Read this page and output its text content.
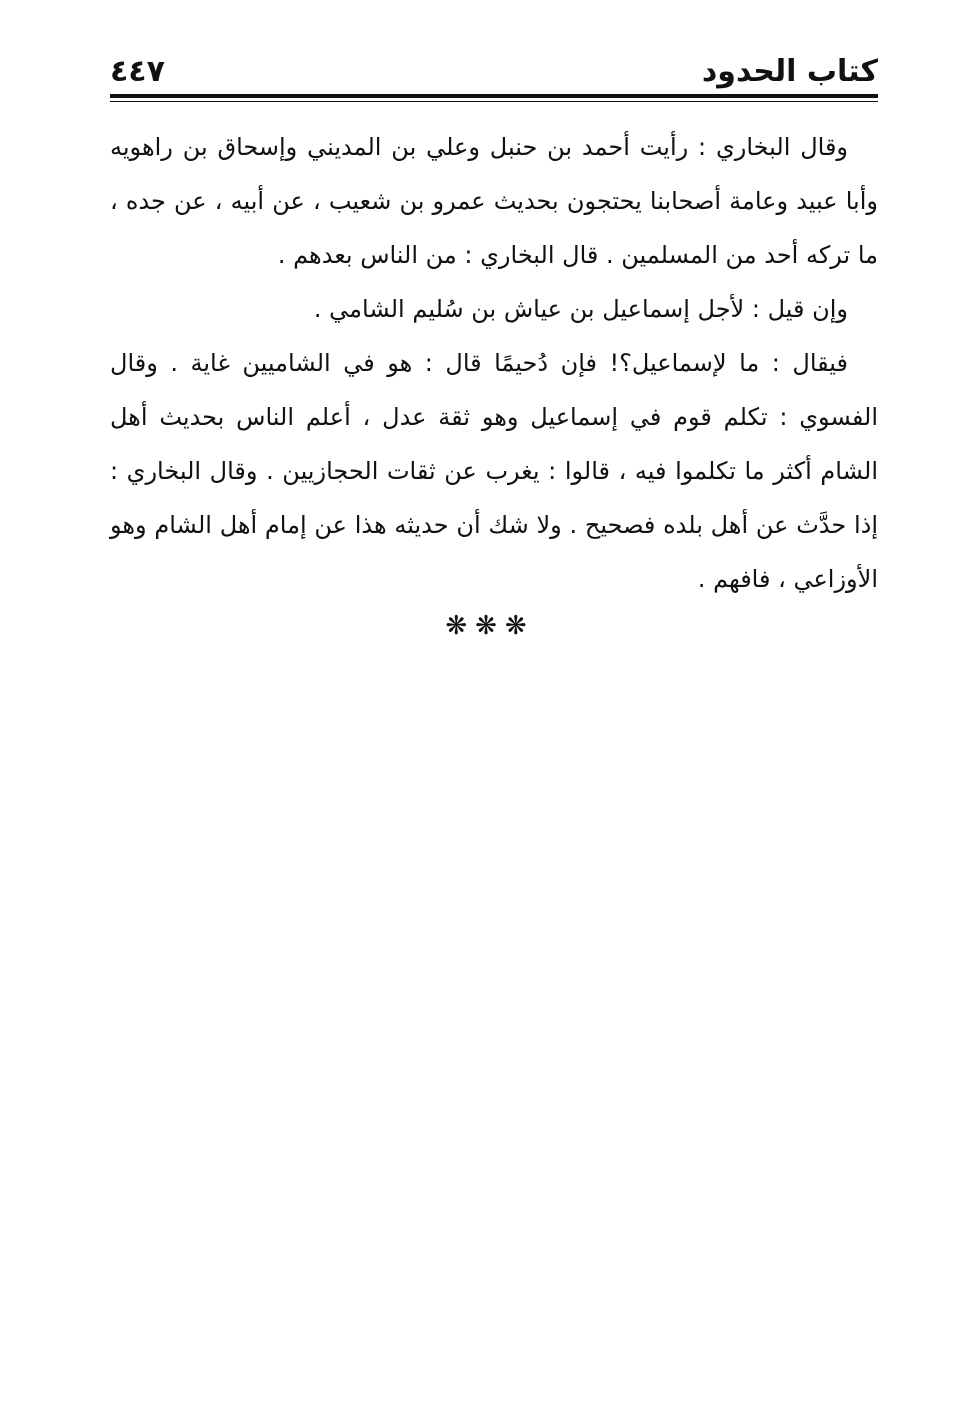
كتاب الحدود
٤٤٧

وقال البخاري : رأيت أحمد بن حنبل وعلي بن المديني وإسحاق بن راهويه وأبا عبيد وعامة أصحابنا يحتجون بحديث عمرو بن شعيب ، عن أبيه ، عن جده ، ما تركه أحد من المسلمين . قال البخاري : من الناس بعدهم .

وإن قيل : لأجل إسماعيل بن عياش بن سُليم الشامي .

فيقال : ما لإسماعيل؟! فإن دُحيمًا قال : هو في الشاميين غاية . وقال الفسوي : تكلم قوم في إسماعيل وهو ثقة عدل ، أعلم الناس بحديث أهل الشام أكثر ما تكلموا فيه ، قالوا : يغرب عن ثقات الحجازيين . وقال البخاري : إذا حدَّث عن أهل بلده فصحيح . ولا شك أن حديثه هذا عن إمام أهل الشام وهو الأوزاعي ، فافهم .

❋❋❋
